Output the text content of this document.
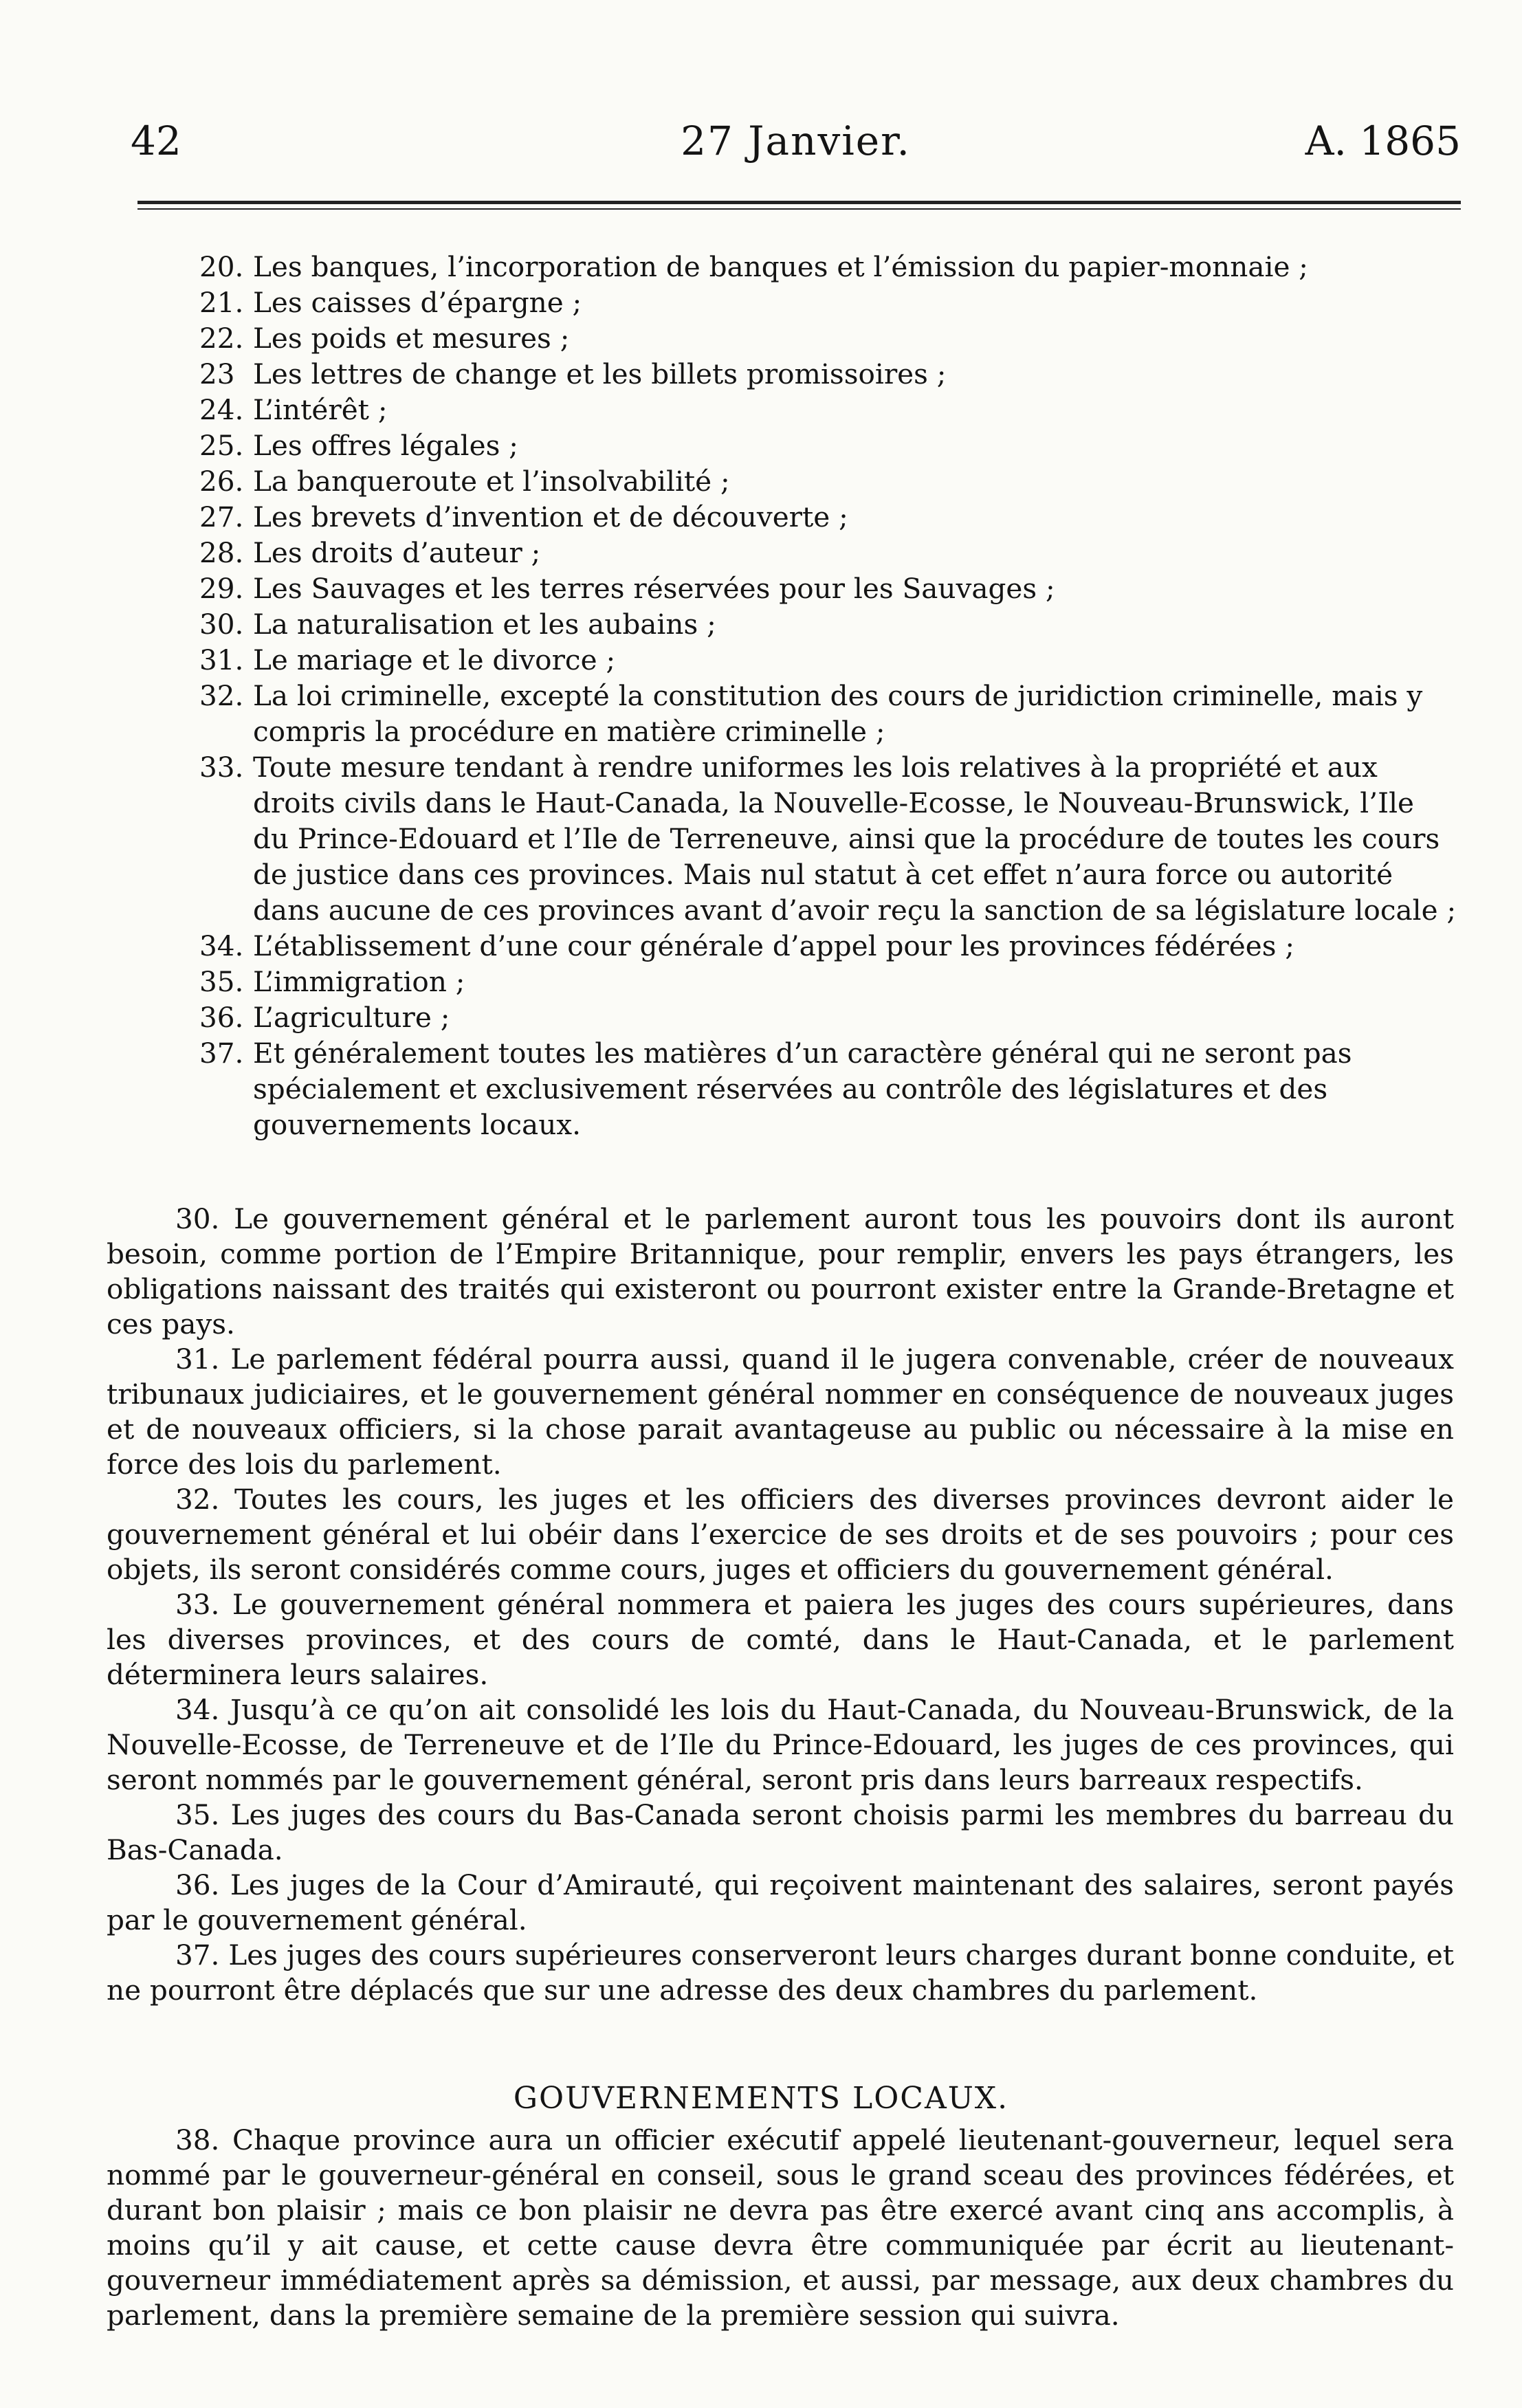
42	27 Janvier.	A. 1865
20. Les banques, l’incorporation de banques et l’émission du papier-monnaie ;
21. Les caisses d’épargne ;
22. Les poids et mesures ;
23 Les lettres de change et les billets promissoires ;
24. L’intérêt ;
25. Les offres légales ;
26. La banqueroute et l’insolvabilité ;
27. Les brevets d’invention et de découverte ;
28. Les droits d’auteur ;
29. Les Sauvages et les terres réservées pour les Sauvages ;
30. La naturalisation et les aubains ;
31. Le mariage et le divorce ;
32. La loi criminelle, excepté la constitution des cours de juridiction criminelle, mais y compris la procédure en matière criminelle ;
33. Toute mesure tendant à rendre uniformes les lois relatives à la propriété et aux droits civils dans le Haut-Canada, la Nouvelle-Ecosse, le Nouveau-Brunswick, l’Ile du Prince-Edouard et l’Ile de Terreneuve, ainsi que la procédure de toutes les cours de justice dans ces provinces. Mais nul statut à cet effet n’aura force ou autorité dans aucune de ces provinces avant d’avoir reçu la sanction de sa législature locale ;
34. L’établissement d’une cour générale d’appel pour les provinces fédérées ;
35. L’immigration ;
36. L’agriculture ;
37. Et généralement toutes les matières d’un caractère général qui ne seront pas spécialement et exclusivement réservées au contrôle des législatures et des gouvernements locaux.

30. Le gouvernement général et le parlement auront tous les pouvoirs dont ils auront besoin, comme portion de l’Empire Britannique, pour remplir, envers les pays étrangers, les obligations naissant des traités qui existeront ou pourront exister entre la Grande-Bretagne et ces pays.

31. Le parlement fédéral pourra aussi, quand il le jugera convenable, créer de nouveaux tribunaux judiciaires, et le gouvernement général nommer en conséquence de nouveaux juges et de nouveaux officiers, si la chose parait avantageuse au public ou nécessaire à la mise en force des lois du parlement.

32. Toutes les cours, les juges et les officiers des diverses provinces devront aider le gouvernement général et lui obéir dans l’exercice de ses droits et de ses pouvoirs ; pour ces objets, ils seront considérés comme cours, juges et officiers du gouvernement général.

33. Le gouvernement général nommera et paiera les juges des cours supérieures, dans les diverses provinces, et des cours de comté, dans le Haut-Canada, et le parlement déterminera leurs salaires.

34. Jusqu’à ce qu’on ait consolidé les lois du Haut-Canada, du Nouveau-Brunswick, de la Nouvelle-Ecosse, de Terreneuve et de l’Ile du Prince-Edouard, les juges de ces provinces, qui seront nommés par le gouvernement général, seront pris dans leurs barreaux respectifs.

35. Les juges des cours du Bas-Canada seront choisis parmi les membres du barreau du Bas-Canada.

36. Les juges de la Cour d’Amirauté, qui reçoivent maintenant des salaires, seront payés par le gouvernement général.

37. Les juges des cours supérieures conserveront leurs charges durant bonne conduite, et ne pourront être déplacés que sur une adresse des deux chambres du parlement.

GOUVERNEMENTS LOCAUX.

38. Chaque province aura un officier exécutif appelé lieutenant-gouverneur, lequel sera nommé par le gouverneur-général en conseil, sous le grand sceau des provinces fédérées, et durant bon plaisir ; mais ce bon plaisir ne devra pas être exercé avant cinq ans accomplis, à moins qu’il y ait cause, et cette cause devra être communiquée par écrit au lieutenant-gouverneur immédiatement après sa démission, et aussi, par message, aux deux chambres du parlement, dans la première semaine de la première session qui suivra.
